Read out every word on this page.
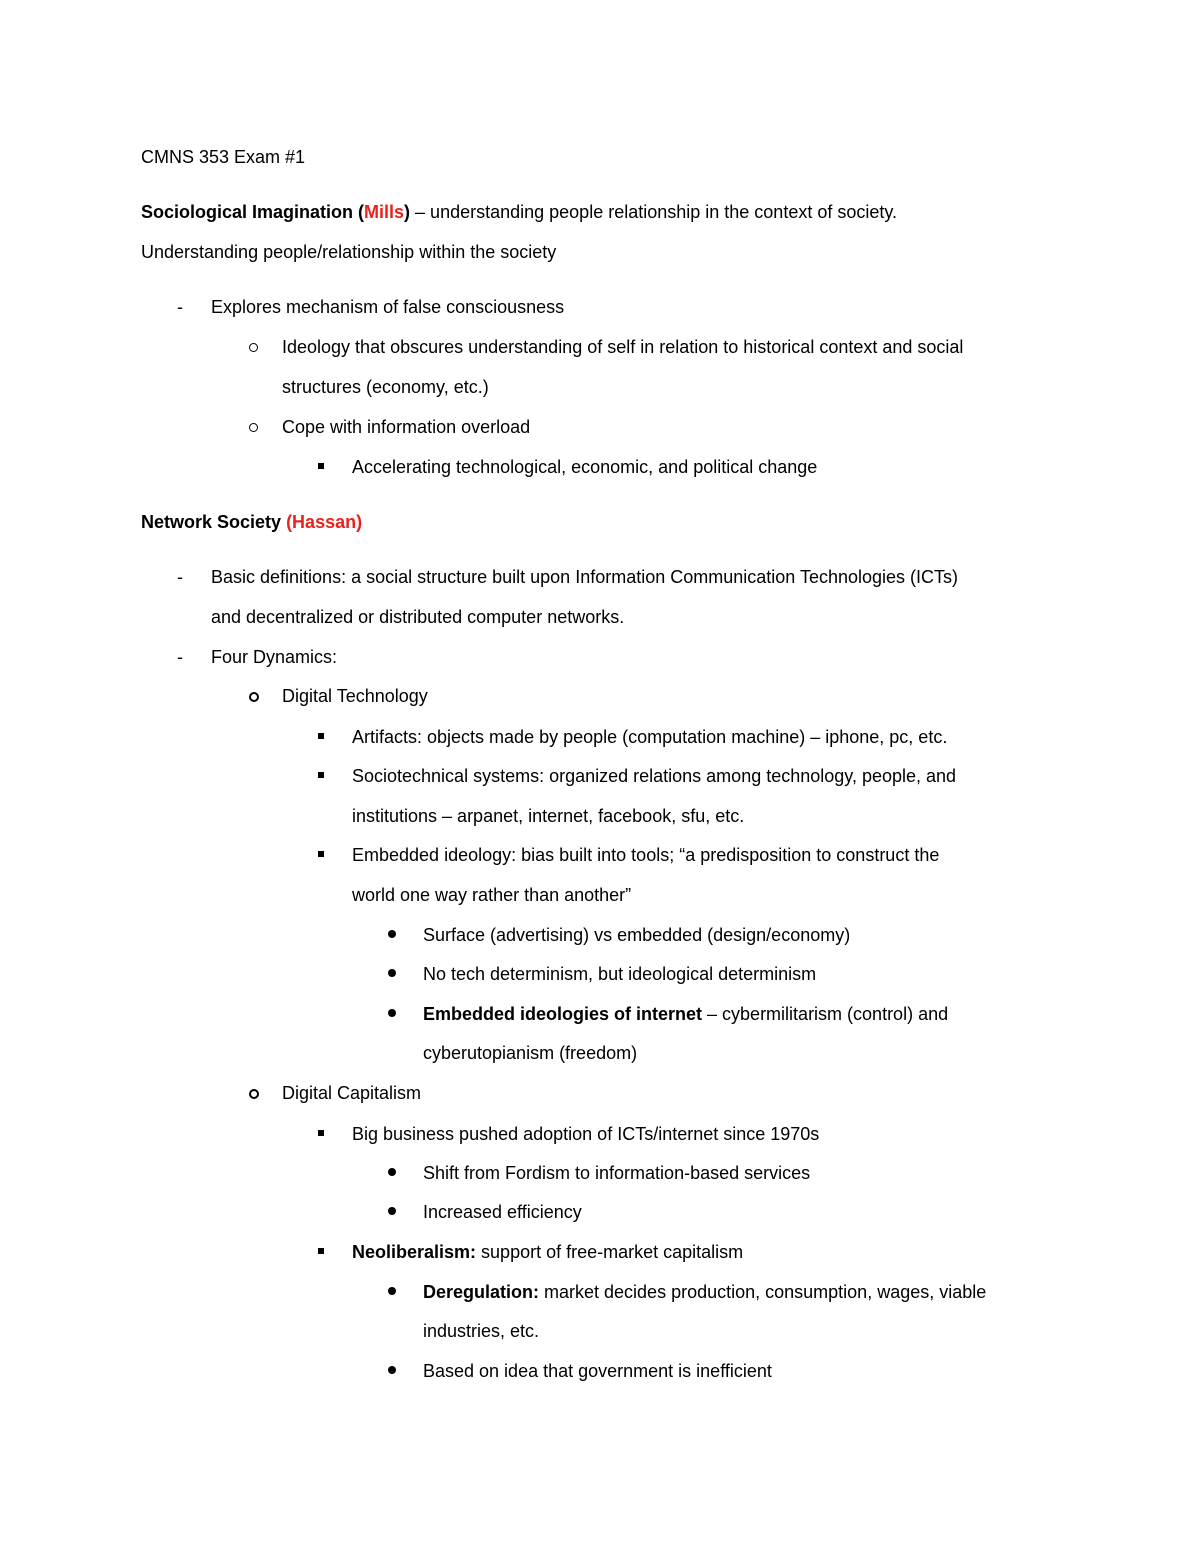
CMNS 353 Exam #1
Sociological Imagination (Mills) – understanding people relationship in the context of society.
Understanding people/relationship within the society
- Explores mechanism of false consciousness
Ideology that obscures understanding of self in relation to historical context and social
structures (economy, etc.)
Cope with information overload
Accelerating technological, economic, and political change
Network Society (Hassan)
- Basic definitions: a social structure built upon Information Communication Technologies (ICTs)
and decentralized or distributed computer networks.
- Four Dynamics:
Digital Technology
Artifacts: objects made by people (computation machine) – iphone, pc, etc.
Sociotechnical systems: organized relations among technology, people, and
institutions – arpanet, internet, facebook, sfu, etc.
Embedded ideology: bias built into tools; “a predisposition to construct the
world one way rather than another”
Surface (advertising) vs embedded (design/economy)
No tech determinism, but ideological determinism
Embedded ideologies of internet – cybermilitarism (control) and
cyberutopianism (freedom)
Digital Capitalism
Big business pushed adoption of ICTs/internet since 1970s
Shift from Fordism to information-based services
Increased efficiency
Neoliberalism: support of free-market capitalism
Deregulation: market decides production, consumption, wages, viable
industries, etc.
Based on idea that government is inefficient
